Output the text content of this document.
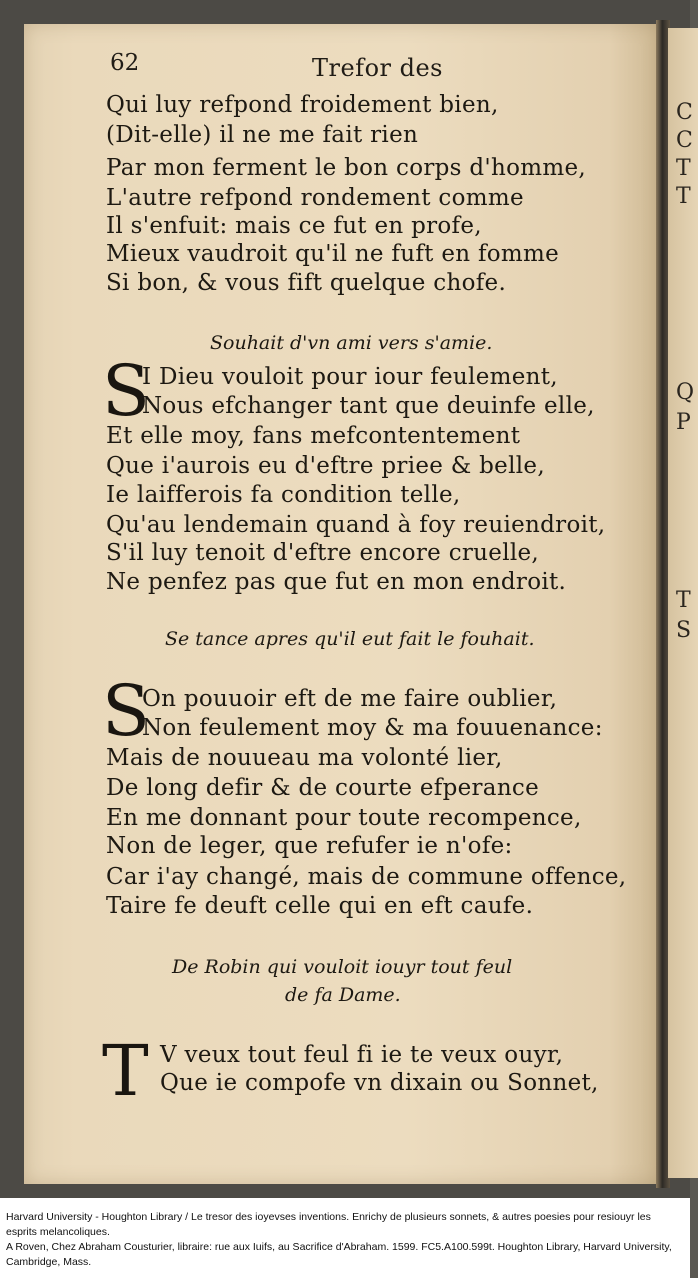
C
C
T
T
Q
P
T
S
62	Trefor des
Qui luy refpond froidement bien,
(Dit-elle) il ne me fait rien
Par mon ferment le bon corps d'homme,
L'autre refpond rondement comme
Il s'enfuit: mais ce fut en profe,
Mieux vaudroit qu'il ne fuft en fomme
Si bon, & vous fift quelque chofe.
Souhait d'vn ami vers s'amie.
S
I Dieu vouloit pour iour feulement,
Nous efchanger tant que deuinfe elle,
Et elle moy, fans mefcontentement
Que i'aurois eu d'eftre priee & belle,
Ie laifferois fa condition telle,
Qu'au lendemain quand à foy reuiendroit,
S'il luy tenoit d'eftre encore cruelle,
Ne penfez pas que fut en mon endroit.
Se tance apres qu'il eut fait le fouhait.
S
On pouuoir eft de me faire oublier,
Non feulement moy & ma fouuenance:
Mais de nouueau ma volonté lier,
De long defir & de courte efperance
En me donnant pour toute recompence,
Non de leger, que refufer ie n'ofe:
Car i'ay changé, mais de commune offence,
Taire fe deuft celle qui en eft caufe.
De Robin qui vouloit iouyr tout feul
de fa Dame.
T V veux tout feul fi ie te veux ouyr,
Que ie compofe vn dixain ou Sonnet,

Harvard University - Houghton Library / Le tresor des ioyevses inventions. Enrichy de plusieurs sonnets, & autres poesies pour resiouyr les esprits melancoliques.

A Roven, Chez Abraham Cousturier, libraire: rue aux Iuifs, au Sacrifice d'Abraham. 1599. FC5.A100.599t. Houghton Library, Harvard University, Cambridge, Mass.
